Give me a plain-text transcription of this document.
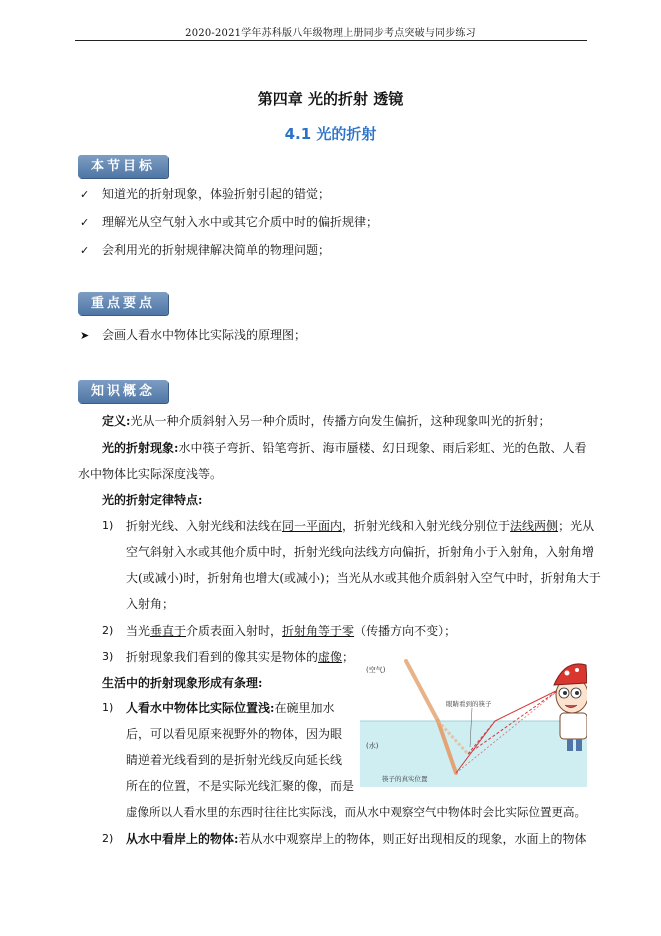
2020-2021学年苏科版八年级物理上册同步考点突破与同步练习
第四章 光的折射 透镜
4.1 光的折射
本节目标
✓ 知道光的折射现象，体验折射引起的错觉；
✓ 理解光从空气射入水中或其它介质中时的偏折规律；
✓ 会利用光的折射规律解决简单的物理问题；
重点要点
➤ 会画人看水中物体比实际浅的原理图；
知识概念
定义:光从一种介质斜射入另一种介质时，传播方向发生偏折，这种现象叫光的折射；
光的折射现象:水中筷子弯折、铅笔弯折、海市蜃楼、幻日现象、雨后彩虹、光的色散、人看
水中物体比实际深度浅等。
光的折射定律特点:
1) 折射光线、入射光线和法线在同一平面内，折射光线和入射光线分别位于法线两侧；光从
空气斜射入水或其他介质中时，折射光线向法线方向偏折，折射角小于入射角，入射角增
大(或减小)时，折射角也增大(或减小)；当光从水或其他介质斜射入空气中时，折射角大于
入射角；
2) 当光垂直于介质表面入射时，折射角等于零（传播方向不变）；
3) 折射现象我们看到的像其实是物体的虚像；
生活中的折射现象形成有条理:
1) 人看水中物体比实际位置浅:在碗里加水
后，可以看见原来视野外的物体，因为眼
睛逆着光线看到的是折射光线反向延长线
所在的位置，不是实际光线汇聚的像，而是
虚像所以人看水里的东西时往往比实际浅，而从水中观察空气中物体时会比实际位置更高。
2) 从水中看岸上的物体:若从水中观察岸上的物体，则正好出现相反的现象，水面上的物体
(空气)
(水)
眼睛看到的筷子
筷子的真实位置
